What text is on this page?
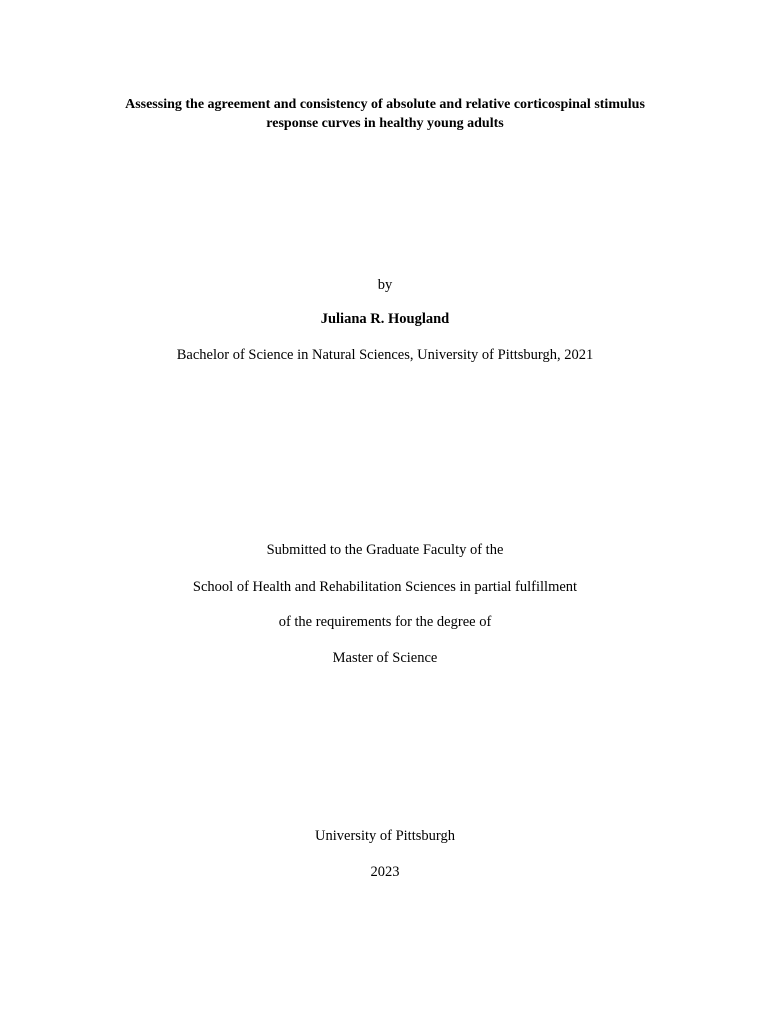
Assessing the agreement and consistency of absolute and relative corticospinal stimulus
response curves in healthy young adults
by
Juliana R. Hougland
Bachelor of Science in Natural Sciences, University of Pittsburgh, 2021
Submitted to the Graduate Faculty of the
School of Health and Rehabilitation Sciences in partial fulfillment
of the requirements for the degree of
Master of Science
University of Pittsburgh
2023
